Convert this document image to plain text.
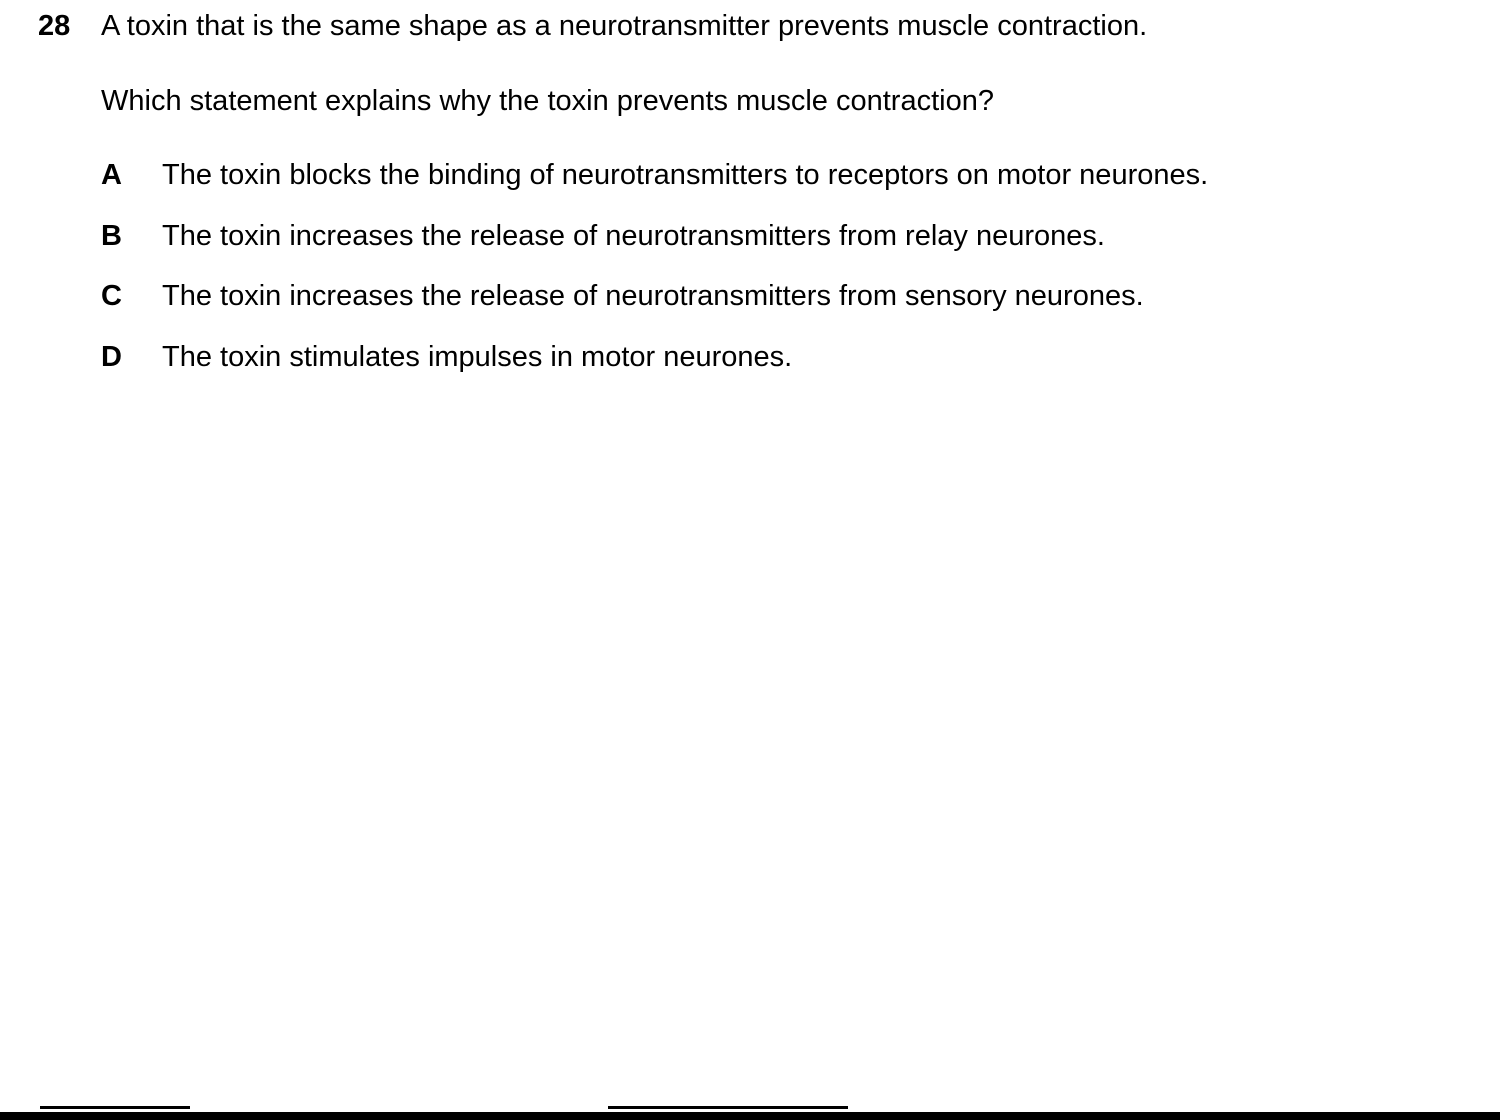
28 A toxin that is the same shape as a neurotransmitter prevents muscle contraction.
Which statement explains why the toxin prevents muscle contraction?
A	The toxin blocks the binding of neurotransmitters to receptors on motor neurones.
B	The toxin increases the release of neurotransmitters from relay neurones.
C	The toxin increases the release of neurotransmitters from sensory neurones.
D	The toxin stimulates impulses in motor neurones.
